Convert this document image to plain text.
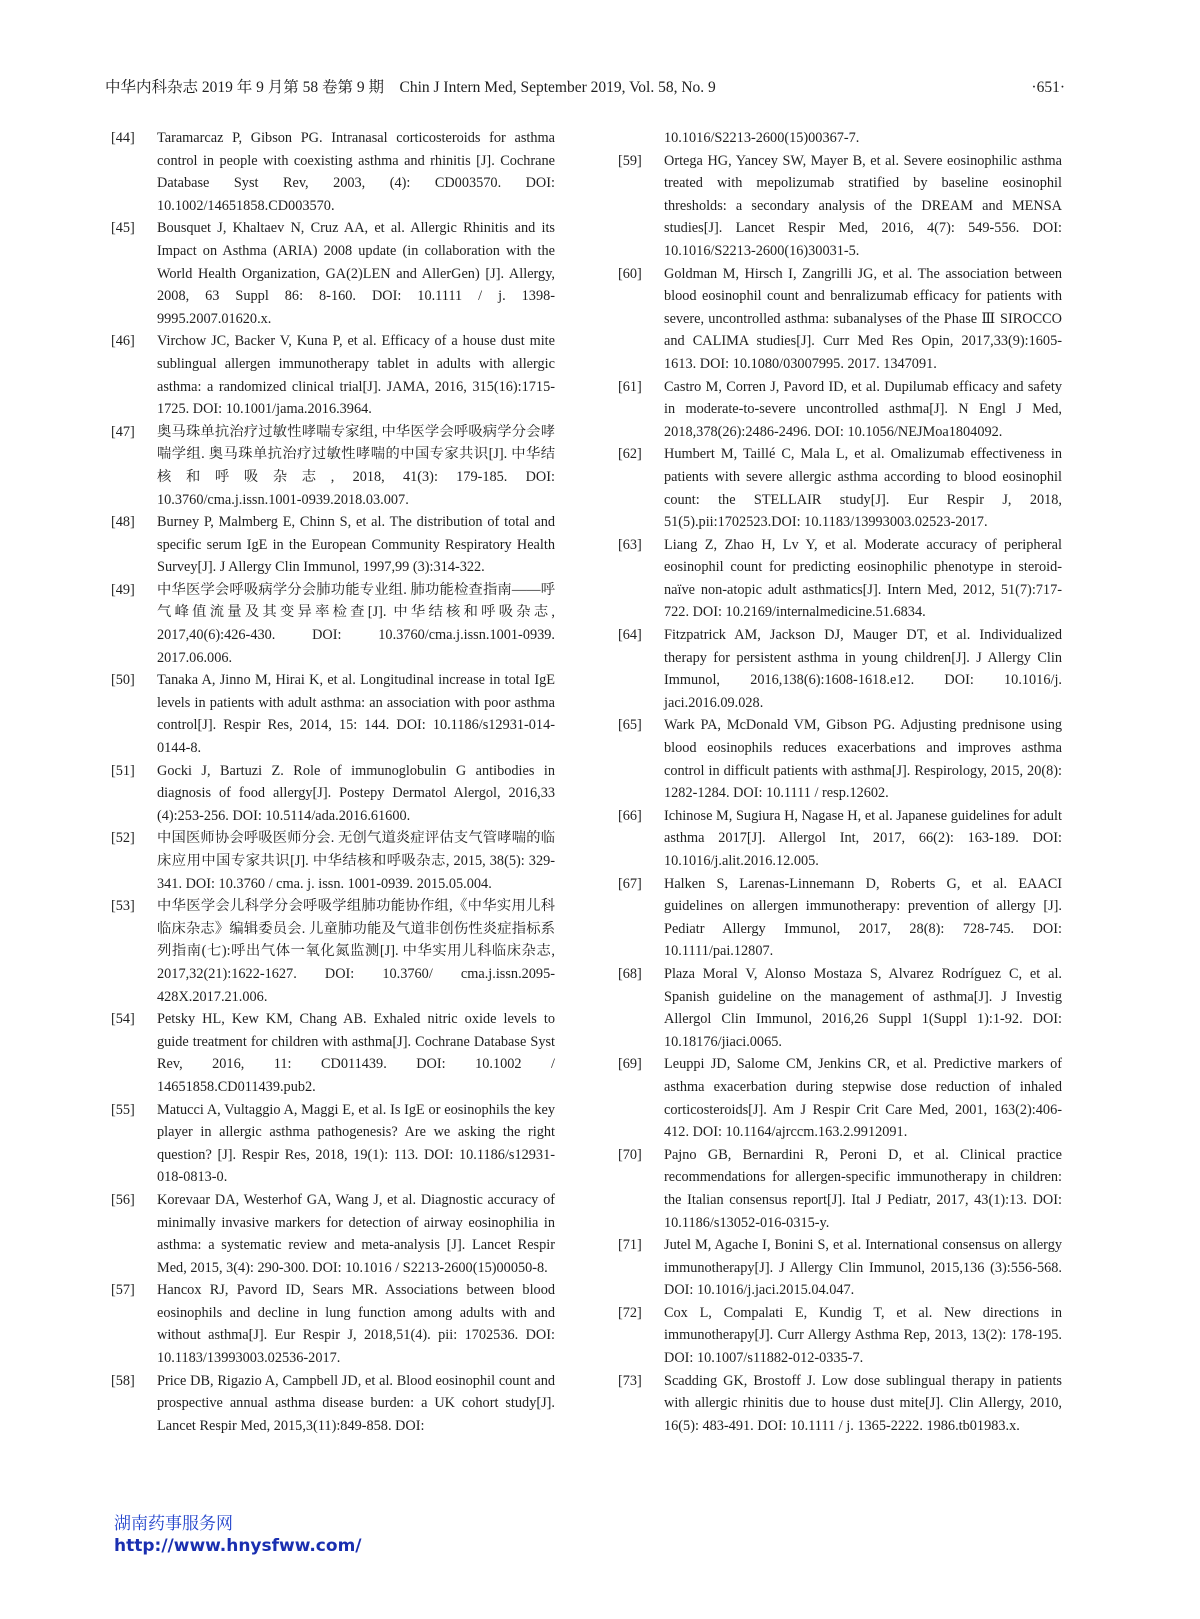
中华内科杂志 2019 年 9 月第 58 卷第 9 期　Chin J Intern Med, September 2019, Vol. 58, No. 9	·651·
[44]	Taramarcaz P, Gibson PG. Intranasal corticosteroids for asthma control in people with coexisting asthma and rhinitis [J]. Cochrane Database Syst Rev, 2003, (4): CD003570. DOI: 10.1002/14651858.CD003570.
[45]	Bousquet J, Khaltaev N, Cruz AA, et al. Allergic Rhinitis and its Impact on Asthma (ARIA) 2008 update (in collaboration with the World Health Organization, GA(2)LEN and AllerGen) [J]. Allergy, 2008, 63 Suppl 86: 8-160. DOI: 10.1111 / j. 1398-9995.2007.01620.x.
[46]	Virchow JC, Backer V, Kuna P, et al. Efficacy of a house dust mite sublingual allergen immunotherapy tablet in adults with allergic asthma: a randomized clinical trial[J]. JAMA, 2016, 315(16):1715-1725. DOI: 10.1001/jama.2016.3964.
[47]	奥马珠单抗治疗过敏性哮喘专家组, 中华医学会呼吸病学分会哮喘学组. 奥马珠单抗治疗过敏性哮喘的中国专家共识[J]. 中华结核和呼吸杂志, 2018, 41(3): 179-185. DOI: 10.3760/cma.j.issn.1001-0939.2018.03.007.
[48]	Burney P, Malmberg E, Chinn S, et al. The distribution of total and specific serum IgE in the European Community Respiratory Health Survey[J]. J Allergy Clin Immunol, 1997,99 (3):314-322.
[49]	中华医学会呼吸病学分会肺功能专业组. 肺功能检查指南——呼气峰值流量及其变异率检查[J]. 中华结核和呼吸杂志, 2017,40(6):426-430. DOI: 10.3760/cma.j.issn.1001-0939. 2017.06.006.
[50]	Tanaka A, Jinno M, Hirai K, et al. Longitudinal increase in total IgE levels in patients with adult asthma: an association with poor asthma control[J]. Respir Res, 2014, 15: 144. DOI: 10.1186/s12931-014-0144-8.
[51]	Gocki J, Bartuzi Z. Role of immunoglobulin G antibodies in diagnosis of food allergy[J]. Postepy Dermatol Alergol, 2016,33 (4):253-256. DOI: 10.5114/ada.2016.61600.
[52]	中国医师协会呼吸医师分会. 无创气道炎症评估支气管哮喘的临床应用中国专家共识[J]. 中华结核和呼吸杂志, 2015, 38(5): 329-341. DOI: 10.3760 / cma. j. issn. 1001-0939. 2015.05.004.
[53]	中华医学会儿科学分会呼吸学组肺功能协作组,《中华实用儿科临床杂志》编辑委员会. 儿童肺功能及气道非创伤性炎症指标系列指南(七):呼出气体一氧化氮监测[J]. 中华实用儿科临床杂志, 2017,32(21):1622-1627. DOI: 10.3760/ cma.j.issn.2095-428X.2017.21.006.
[54]	Petsky HL, Kew KM, Chang AB. Exhaled nitric oxide levels to guide treatment for children with asthma[J]. Cochrane Database Syst Rev, 2016, 11: CD011439. DOI: 10.1002 / 14651858.CD011439.pub2.
[55]	Matucci A, Vultaggio A, Maggi E, et al. Is IgE or eosinophils the key player in allergic asthma pathogenesis? Are we asking the right question? [J]. Respir Res, 2018, 19(1): 113. DOI: 10.1186/s12931-018-0813-0.
[56]	Korevaar DA, Westerhof GA, Wang J, et al. Diagnostic accuracy of minimally invasive markers for detection of airway eosinophilia in asthma: a systematic review and meta-analysis [J]. Lancet Respir Med, 2015, 3(4): 290-300. DOI: 10.1016 / S2213-2600(15)00050-8.
[57]	Hancox RJ, Pavord ID, Sears MR. Associations between blood eosinophils and decline in lung function among adults with and without asthma[J]. Eur Respir J, 2018,51(4). pii: 1702536. DOI: 10.1183/13993003.02536-2017.
[58]	Price DB, Rigazio A, Campbell JD, et al. Blood eosinophil count and prospective annual asthma disease burden: a UK cohort study[J]. Lancet Respir Med, 2015,3(11):849-858. DOI:
10.1016/S2213-2600(15)00367-7.
[59]	Ortega HG, Yancey SW, Mayer B, et al. Severe eosinophilic asthma treated with mepolizumab stratified by baseline eosinophil thresholds: a secondary analysis of the DREAM and MENSA studies[J]. Lancet Respir Med, 2016, 4(7): 549-556. DOI: 10.1016/S2213-2600(16)30031-5.
[60]	Goldman M, Hirsch I, Zangrilli JG, et al. The association between blood eosinophil count and benralizumab efficacy for patients with severe, uncontrolled asthma: subanalyses of the Phase Ⅲ SIROCCO and CALIMA studies[J]. Curr Med Res Opin, 2017,33(9):1605-1613. DOI: 10.1080/03007995. 2017. 1347091.
[61]	Castro M, Corren J, Pavord ID, et al. Dupilumab efficacy and safety in moderate-to-severe uncontrolled asthma[J]. N Engl J Med, 2018,378(26):2486-2496. DOI: 10.1056/NEJMoa1804092.
[62]	Humbert M, Taillé C, Mala L, et al. Omalizumab effectiveness in patients with severe allergic asthma according to blood eosinophil count: the STELLAIR study[J]. Eur Respir J, 2018, 51(5).pii:1702523.DOI: 10.1183/13993003.02523-2017.
[63]	Liang Z, Zhao H, Lv Y, et al. Moderate accuracy of peripheral eosinophil count for predicting eosinophilic phenotype in steroid-naïve non-atopic adult asthmatics[J]. Intern Med, 2012, 51(7):717-722. DOI: 10.2169/internalmedicine.51.6834.
[64]	Fitzpatrick AM, Jackson DJ, Mauger DT, et al. Individualized therapy for persistent asthma in young children[J]. J Allergy Clin Immunol, 2016,138(6):1608-1618.e12. DOI: 10.1016/j. jaci.2016.09.028.
[65]	Wark PA, McDonald VM, Gibson PG. Adjusting prednisone using blood eosinophils reduces exacerbations and improves asthma control in difficult patients with asthma[J]. Respirology, 2015, 20(8): 1282-1284. DOI: 10.1111 / resp.12602.
[66]	Ichinose M, Sugiura H, Nagase H, et al. Japanese guidelines for adult asthma 2017[J]. Allergol Int, 2017, 66(2): 163-189. DOI: 10.1016/j.alit.2016.12.005.
[67]	Halken S, Larenas-Linnemann D, Roberts G, et al. EAACI guidelines on allergen immunotherapy: prevention of allergy [J]. Pediatr Allergy Immunol, 2017, 28(8): 728-745. DOI: 10.1111/pai.12807.
[68]	Plaza Moral V, Alonso Mostaza S, Alvarez Rodríguez C, et al. Spanish guideline on the management of asthma[J]. J Investig Allergol Clin Immunol, 2016,26 Suppl 1(Suppl 1):1-92. DOI: 10.18176/jiaci.0065.
[69]	Leuppi JD, Salome CM, Jenkins CR, et al. Predictive markers of asthma exacerbation during stepwise dose reduction of inhaled corticosteroids[J]. Am J Respir Crit Care Med, 2001, 163(2):406-412. DOI: 10.1164/ajrccm.163.2.9912091.
[70]	Pajno GB, Bernardini R, Peroni D, et al. Clinical practice recommendations for allergen-specific immunotherapy in children: the Italian consensus report[J]. Ital J Pediatr, 2017, 43(1):13. DOI: 10.1186/s13052-016-0315-y.
[71]	Jutel M, Agache I, Bonini S, et al. International consensus on allergy immunotherapy[J]. J Allergy Clin Immunol, 2015,136 (3):556-568. DOI: 10.1016/j.jaci.2015.04.047.
[72]	Cox L, Compalati E, Kundig T, et al. New directions in immunotherapy[J]. Curr Allergy Asthma Rep, 2013, 13(2): 178-195. DOI: 10.1007/s11882-012-0335-7.
[73]	Scadding GK, Brostoff J. Low dose sublingual therapy in patients with allergic rhinitis due to house dust mite[J]. Clin Allergy, 2010, 16(5): 483-491. DOI: 10.1111 / j. 1365-2222. 1986.tb01983.x.
湖南药事服务网
http://www.hnysfww.com/
